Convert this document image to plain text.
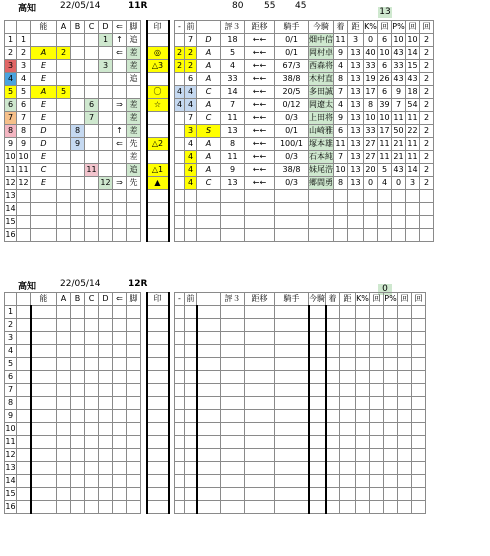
高知	22/05/14	11R	80 55 45
13
		能	A	B	C	D	⇐	脚		印		-	前		評３	距移	騎手	今騎	着	距	K%	回	P%	回	回
1	1					1	↑	追					7	D	18	←←	0/1	畑中信	11	3	0	6	10	10	2
2	2	A	2				⇐	差		◎		2	2	A	5	←←	0/1	岡村卓	9	13	40	10	43	14	2
3	3	E				3		差		△3		2	2	A	4	←←	67/3	西森将	4	13	33	6	33	15	2
4	4	E						追					6	A	33	←←	38/8	木村直	8	13	19	26	43	43	2
5	5	A	5							〇		4	4	C	14	←←	20/5	多田誠	7	13	17	6	9	18	2
6	6	E			6		⇒	差		☆		4	4	A	7	←←	0/12	岡遼太	4	13	8	39	7	54	2
7	7	E			7			差					7	C	11	←←	0/3	上田将	9	13	10	10	11	11	2
8	8	D		8			↑	差					3	S	13	←←	0/1	山崎雅	6	13	33	17	50	22	2
9	9	D		9			⇐	先		△2			4	A	8	←←	100/1	塚本雄	11	13	27	11	21	11	2
10	10	E						差					4	A	11	←←	0/3	石本純	7	13	27	11	21	11	2
11	11	C			11			追		△1			4	A	9	←←	38/8	妹尾浩	10	13	20	5	43	14	2
12	12	E				12	⇒	先		▲			4	C	13	←←	0/3	郷間勇	8	13	0	4	0	3	2
13																									
14																									
15																									
16																									
高知	22/05/14	12R	0
		能	A	B	C	D	⇐	脚		印		-	前		評３	距移	騎手	今騎	着	距	K%	回	P%	回	回
1																									
2																									
3																									
4																									
5																									
6																									
7																									
8																									
9																									
10																									
11																									
12																									
13																									
14																									
15																									
16																									
